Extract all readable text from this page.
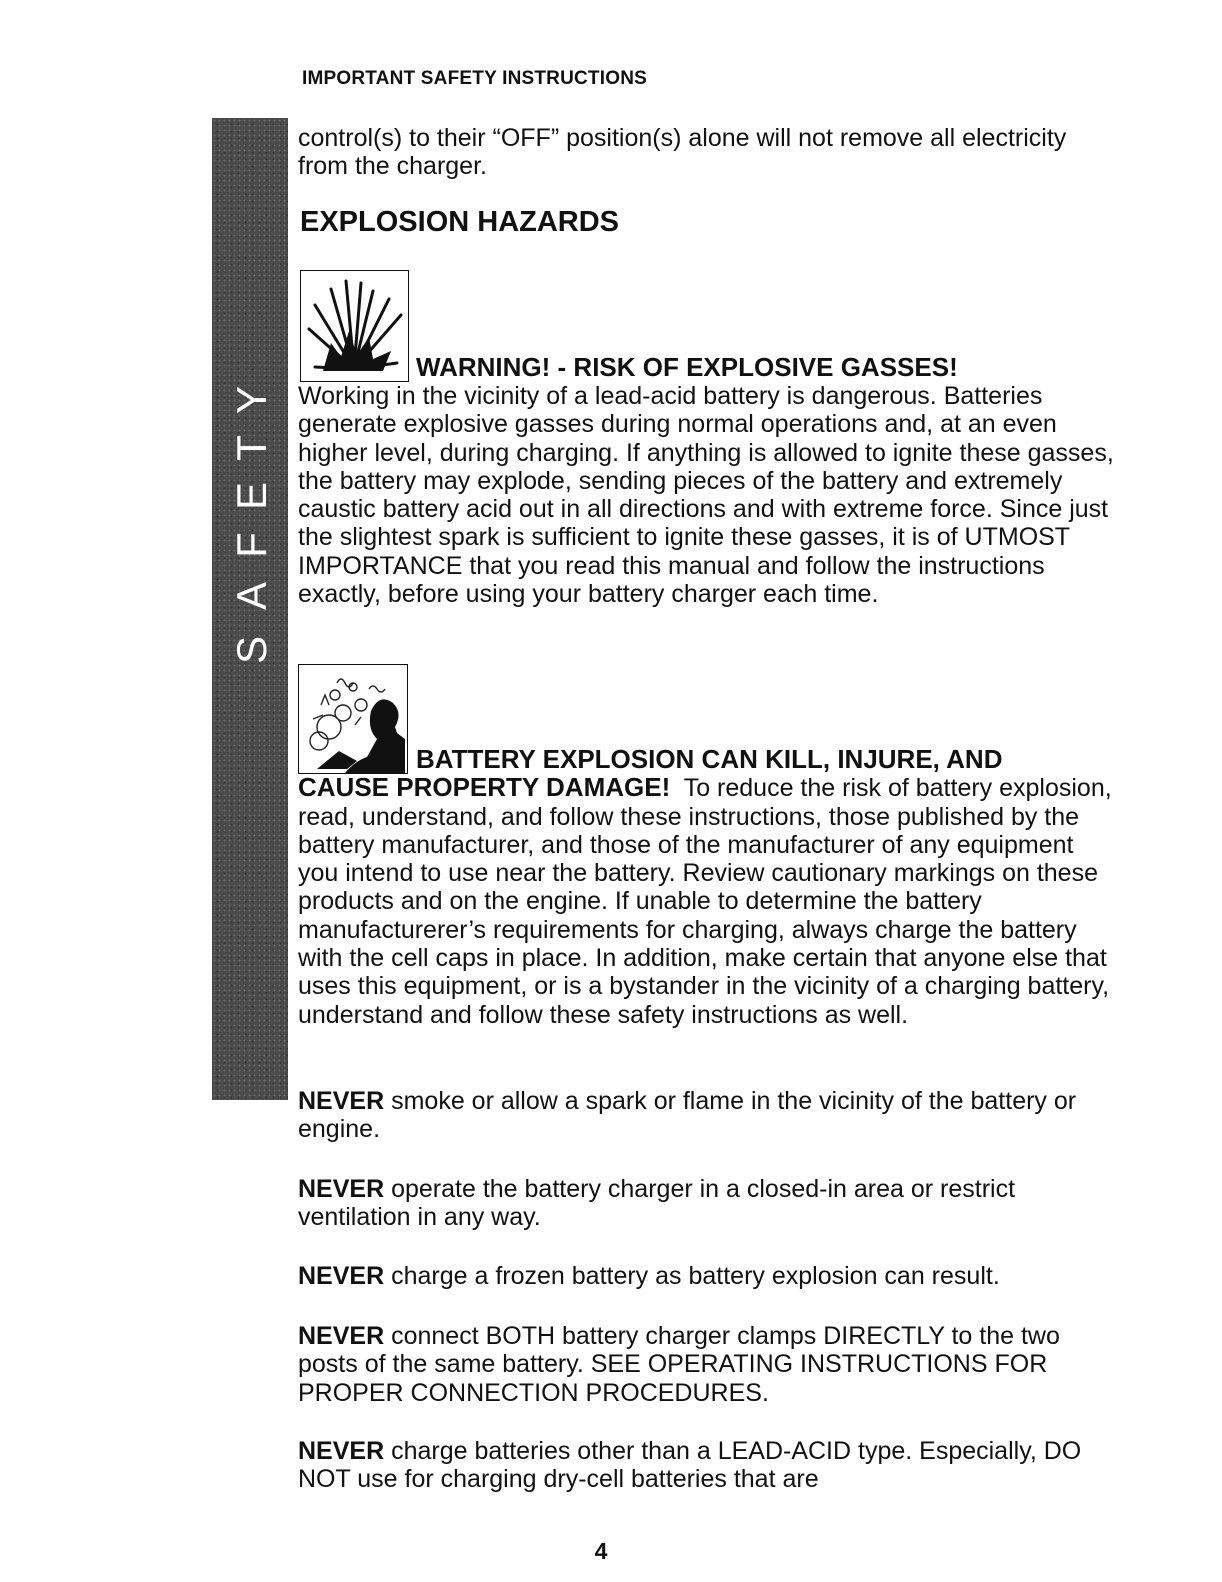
IMPORTANT SAFETY INSTRUCTIONS
S
A
F
E
T
Y

control(s) to their “OFF” position(s) alone will not remove all electricity from the charger.

EXPLOSION HAZARDS
WARNING! - RISK OF EXPLOSIVE GASSES!

Working in the vicinity of a lead-acid battery is dangerous. Batteries generate explosive gasses during normal operations and, at an even higher level, during charging. If anything is allowed to ignite these gasses, the battery may explode, sending pieces of the battery and extremely caustic battery acid out in all directions and with extreme force. Since just the slightest spark is sufficient to ignite these gasses, it is of UTMOST IMPORTANCE that you read this manual and follow the instructions exactly, before using your battery charger each time.

BATTERY EXPLOSION CAN KILL, INJURE, AND

CAUSE PROPERTY DAMAGE! To reduce the risk of battery explosion, read, understand, and follow these instructions, those published by the battery manufacturer, and those of the manufacturer of any equipment you intend to use near the battery. Review cautionary markings on these products and on the engine. If unable to determine the battery manufacturerer’s requirements for charging, always charge the battery with the cell caps in place. In addition, make certain that anyone else that uses this equipment, or is a bystander in the vicinity of a charging battery, understand and follow these safety instructions as well.

NEVER smoke or allow a spark or flame in the vicinity of the battery or engine.

NEVER operate the battery charger in a closed-in area or restrict ventilation in any way.

NEVER charge a frozen battery as battery explosion can result.

NEVER connect BOTH battery charger clamps DIRECTLY to the two posts of the same battery. SEE OPERATING INSTRUCTIONS FOR PROPER CONNECTION PROCEDURES.

NEVER charge batteries other than a LEAD-ACID type. Especially, DO NOT use for charging dry-cell batteries that are

4
